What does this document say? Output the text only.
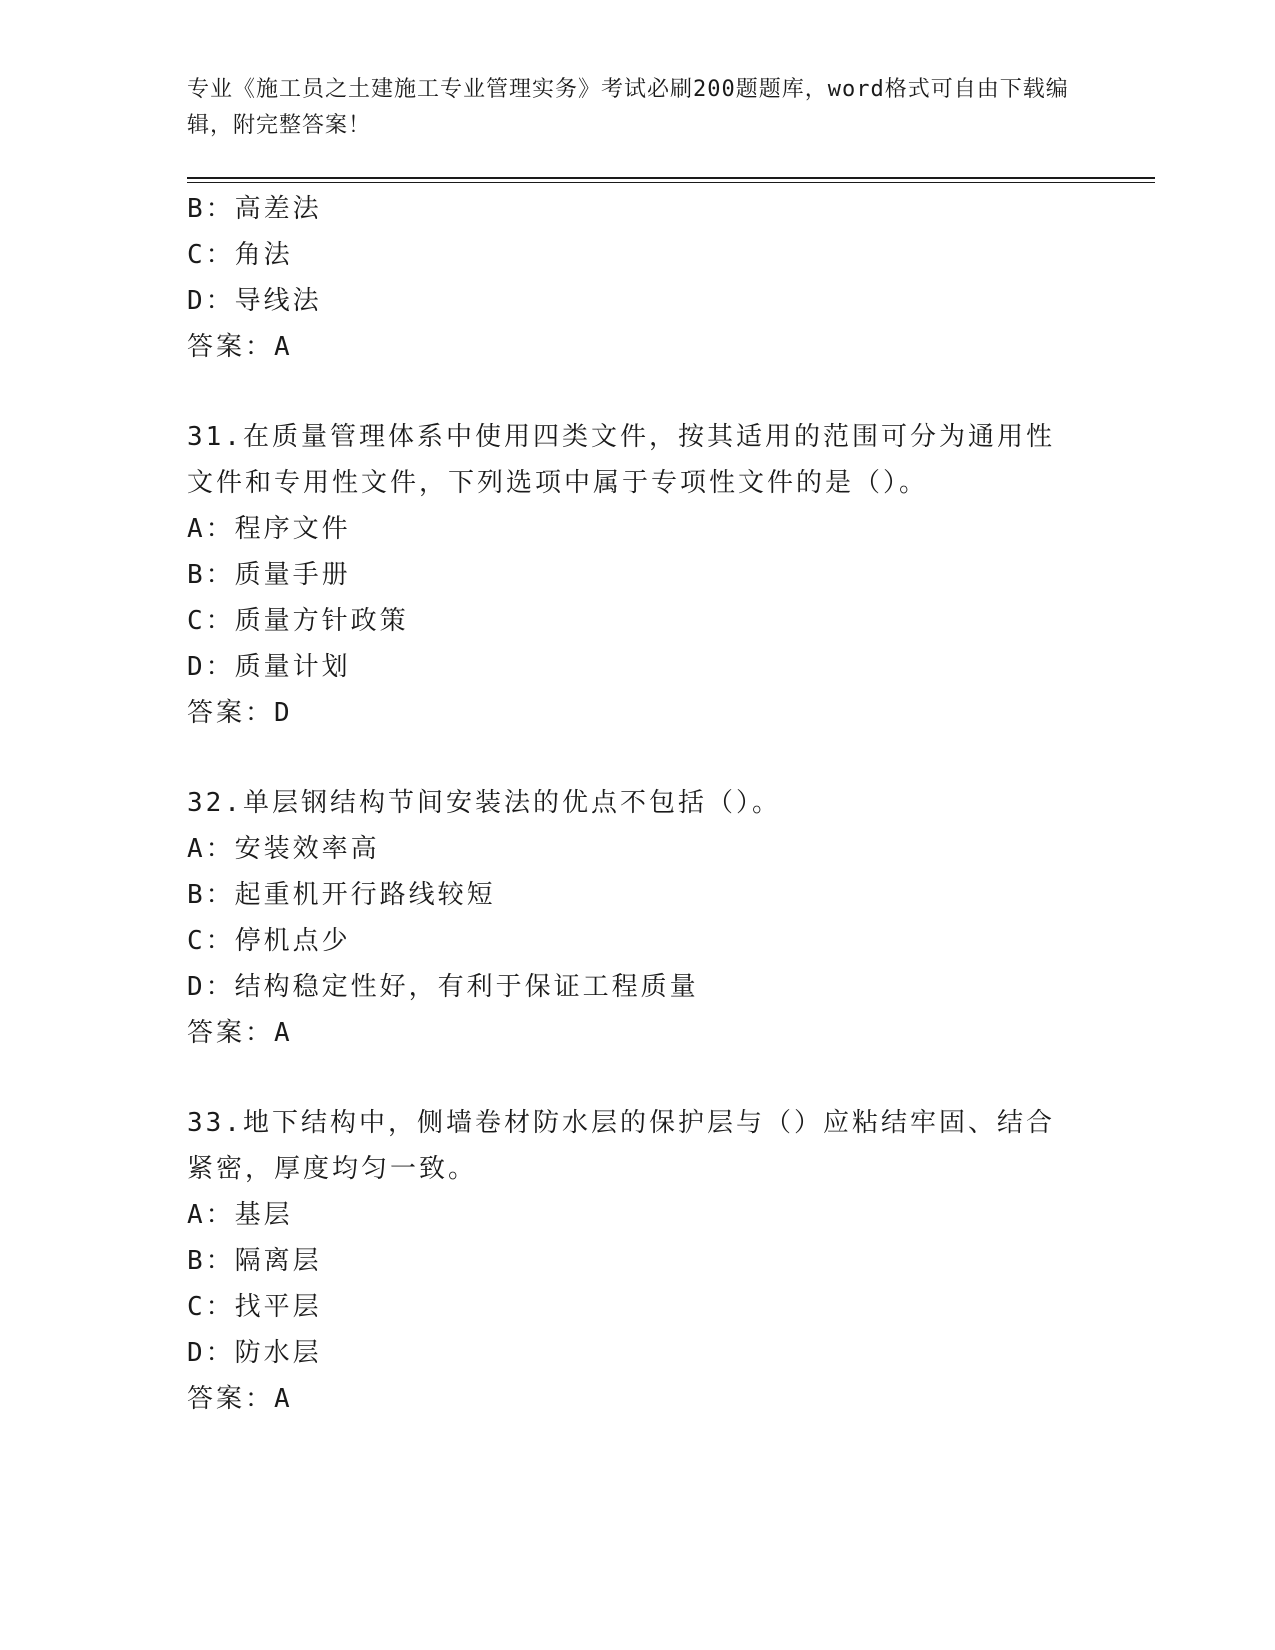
专业《施工员之土建施工专业管理实务》考试必刷200题题库，word格式可自由下载编辑，附完整答案！
B：高差法
C：角法
D：导线法
答案：A
31.在质量管理体系中使用四类文件，按其适用的范围可分为通用性文件和专用性文件，下列选项中属于专项性文件的是（）。
A：程序文件
B：质量手册
C：质量方针政策
D：质量计划
答案：D
32.单层钢结构节间安装法的优点不包括（）。
A：安装效率高
B：起重机开行路线较短
C：停机点少
D：结构稳定性好，有利于保证工程质量
答案：A
33.地下结构中，侧墙卷材防水层的保护层与（）应粘结牢固、结合紧密，厚度均匀一致。
A：基层
B：隔离层
C：找平层
D：防水层
答案：A
